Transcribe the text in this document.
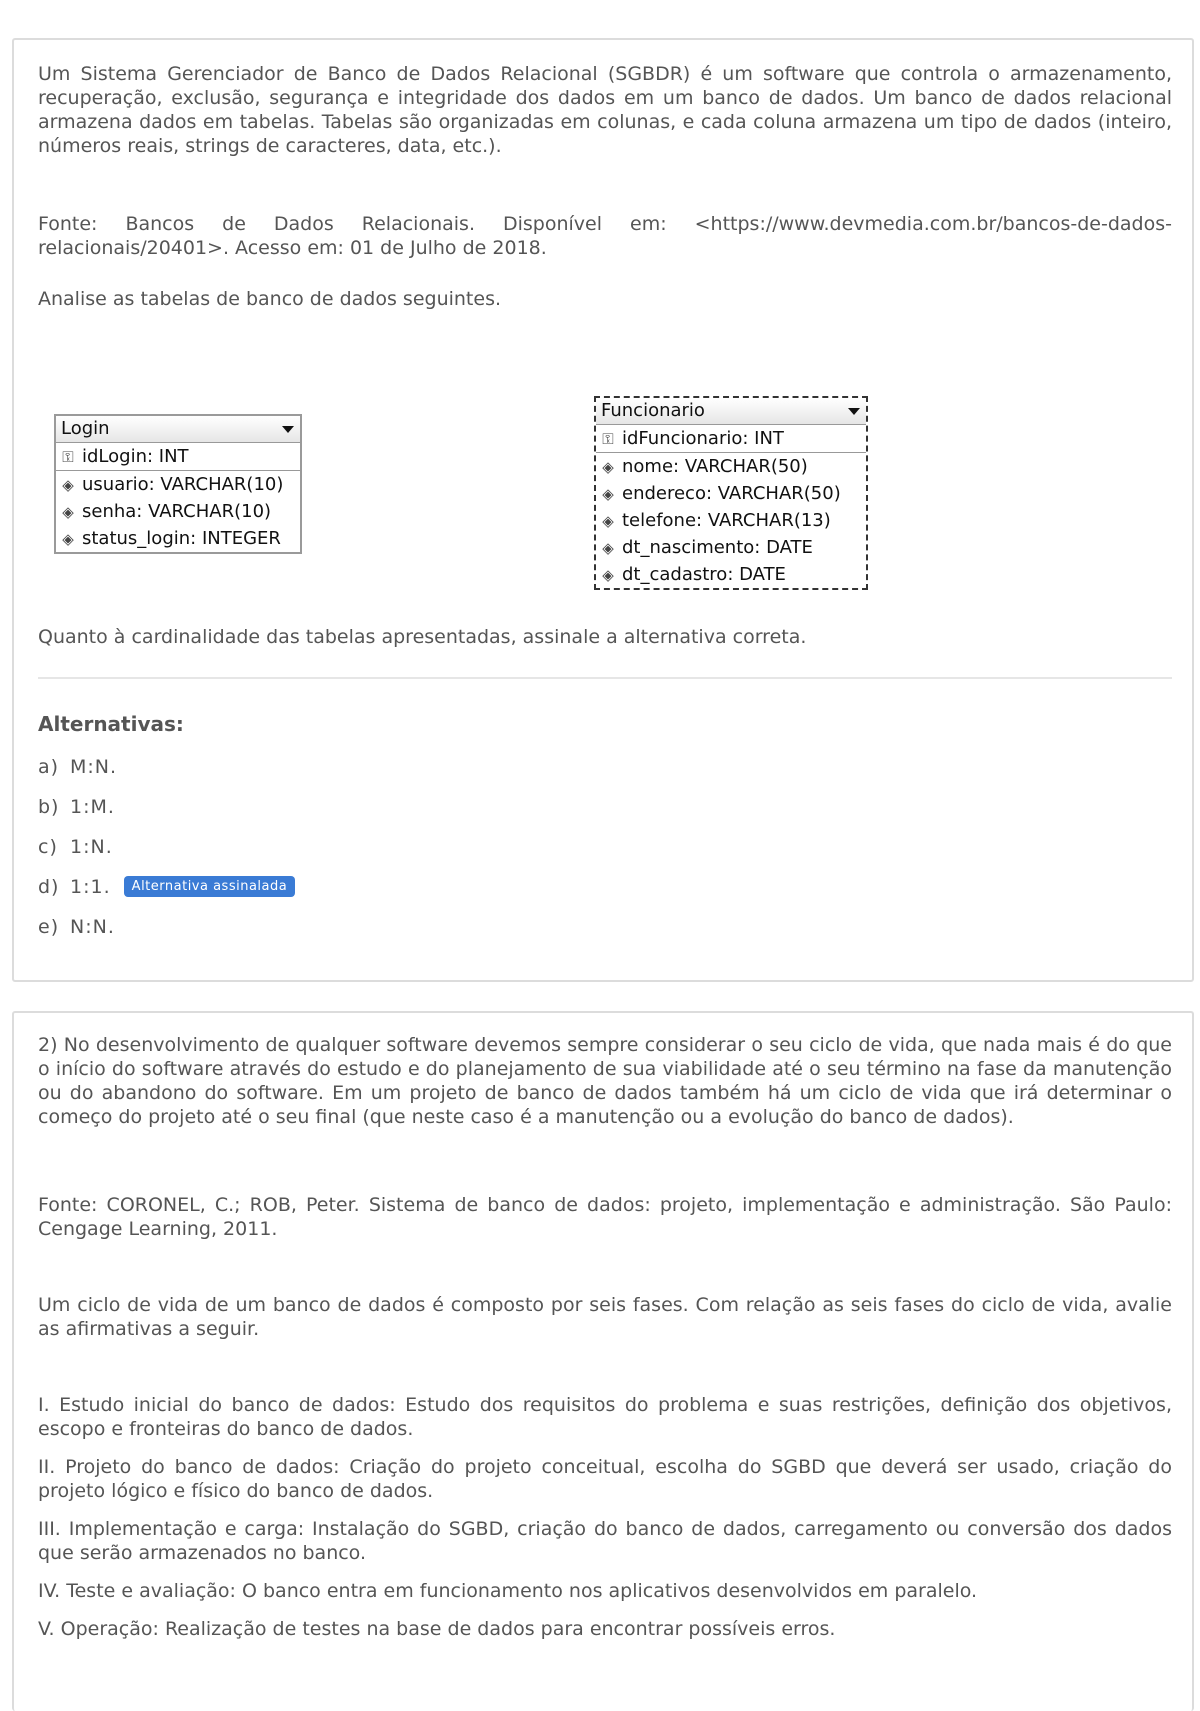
Um Sistema Gerenciador de Banco de Dados Relacional (SGBDR) é um software que controla o armazenamento, recuperação, exclusão, segurança e integridade dos dados em um banco de dados. Um banco de dados relacional armazena dados em tabelas. Tabelas são organizadas em colunas, e cada coluna armazena um tipo de dados (inteiro, números reais, strings de caracteres, data, etc.).

Fonte: Bancos de Dados Relacionais. Disponível em: <https://www.devmedia.com.br/bancos-de-dados-relacionais/20401>. Acesso em: 01 de Julho de 2018.

Analise as tabelas de banco de dados seguintes.

Login
⚿ idLogin: INT
◈ usuario: VARCHAR(10)
◈ senha: VARCHAR(10)
◈ status_login: INTEGER
Funcionario
⚿ idFuncionario: INT
◈ nome: VARCHAR(50)
◈ endereco: VARCHAR(50)
◈ telefone: VARCHAR(13)
◈ dt_nascimento: DATE
◈ dt_cadastro: DATE

Quanto à cardinalidade das tabelas apresentadas, assinale a alternativa correta.

Alternativas:
a) M:N.
b) 1:M.
c) 1:N.
d) 1:1. Alternativa assinalada
e) N:N.

2) No desenvolvimento de qualquer software devemos sempre considerar o seu ciclo de vida, que nada mais é do que o início do software através do estudo e do planejamento de sua viabilidade até o seu término na fase da manutenção ou do abandono do software. Em um projeto de banco de dados também há um ciclo de vida que irá determinar o começo do projeto até o seu final (que neste caso é a manutenção ou a evolução do banco de dados).

Fonte: CORONEL, C.; ROB, Peter. Sistema de banco de dados: projeto, implementação e administração. São Paulo: Cengage Learning, 2011.

Um ciclo de vida de um banco de dados é composto por seis fases. Com relação as seis fases do ciclo de vida, avalie as afirmativas a seguir.

I. Estudo inicial do banco de dados: Estudo dos requisitos do problema e suas restrições, definição dos objetivos, escopo e fronteiras do banco de dados.

II. Projeto do banco de dados: Criação do projeto conceitual, escolha do SGBD que deverá ser usado, criação do projeto lógico e físico do banco de dados.

III. Implementação e carga: Instalação do SGBD, criação do banco de dados, carregamento ou conversão dos dados que serão armazenados no banco.

IV. Teste e avaliação: O banco entra em funcionamento nos aplicativos desenvolvidos em paralelo.

V. Operação: Realização de testes na base de dados para encontrar possíveis erros.
